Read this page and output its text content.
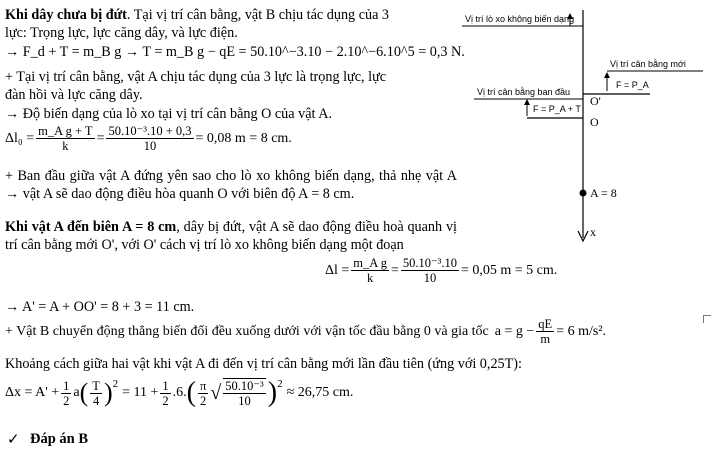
Khi dây chưa bị đứt. Tại vị trí cân bằng, vật B chịu tác dụng của 3
lực: Trọng lực, lực căng dây, và lực điện.
→ F_d + T = m_B g → T = m_B g − qE = 50.10^−3.10 − 2.10^−6.10^5 = 0,3 N.
+ Tại vị trí cân bằng, vật A chịu tác dụng của 3 lực là trọng lực, lực
đàn hồi và lực căng dây.
→ Độ biến dạng của lò xo tại vị trí cân bằng O của vật A.
$\Delta l_0 = \frac{\text{m\_A g + T}}{k} = \frac{\text{50.10⁻³.10 + 0,3}}{10} = 0,08$ m = 8 cm.
+ Ban đầu giữa vật A đứng yên sao cho lò xo không biến dạng, thả nhẹ vật A → vật A sẽ dao động điều hòa quanh O với biên độ A = 8 cm.
Khi vật A đến biên A = 8 cm, dây bị đứt, vật A sẽ dao động điều hoà quanh vị trí cân bằng mới O', với O' cách vị trí lò xo không biến dạng một đoạn
$\Delta l = \frac{\text{m\_A g}}{k} = \frac{\text{50.10⁻³.10}}{10} = 0,05$ m = 5 cm.
→ A' = A + OO' = 8 + 3 = 11 cm.
+ Vật B chuyển động thẳng biến đổi đều xuống dưới với vận tốc đầu bằng 0 và gia tốc $a = g - \frac{qE}{m} = 6$ m/s².
Khoảng cách giữa hai vật khi vật A đi đến vị trí cân bằng mới lần đầu tiên (ứng với 0,25T):
$\Delta x = A' + \frac{1}{2}$ a ( $\frac{T}{4}$ ) 2
= $11 + \frac{1}{2} .6$. ( $\frac{\pi}{2}$ √ $\frac{\text{50.10⁻³}}{10}$ ) 2
≈ 26,75 cm.
✓ Đáp án B
Vị trí lò xo không biến dạng
Vị trí cân bằng mới
F = P_A
Vị trí cân bằng ban đầu
F = P_A + T
O'
O
A = 8
x
